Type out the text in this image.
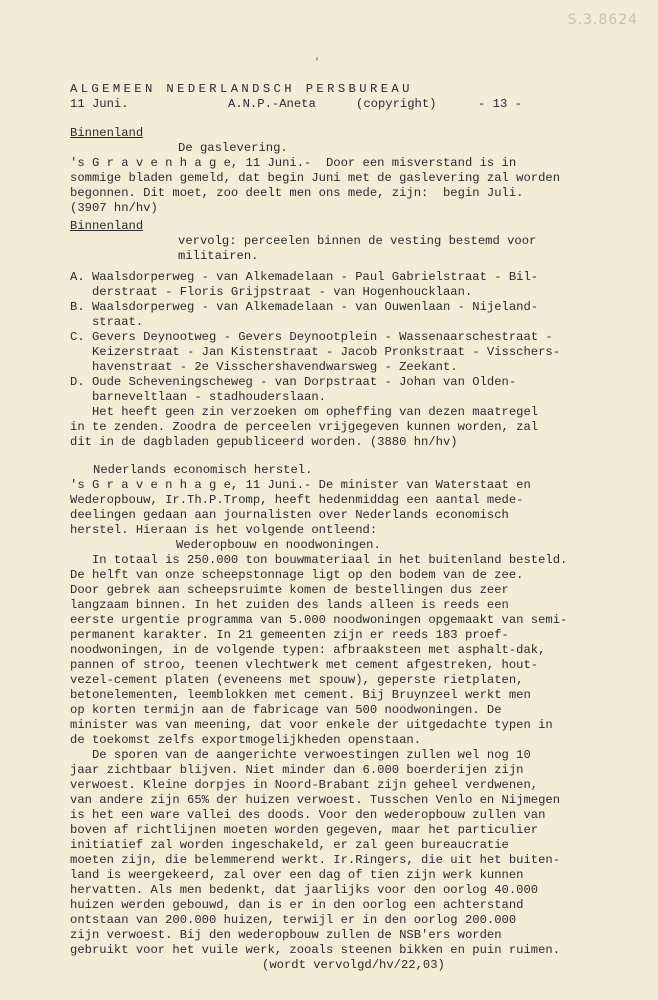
S.3.8624
'
ALGEMEEN NEDERLANDSCH PERSBUREAU
11 Juni.	A.N.P.-Aneta	(copyright)	- 13 -
Binnenland
De gaslevering.
's G r a v e n h a g e, 11 Juni.-  Door een misverstand is in
sommige bladen gemeld, dat begin Juni met de gaslevering zal worden
begonnen. Dit moet, zoo deelt men ons mede, zijn:  begin Juli.
(3907 hn/hv)
Binnenland
vervolg: perceelen binnen de vesting bestemd voor
militairen.
A. Waalsdorperweg - van Alkemadelaan - Paul Gabrielstraat - Bil-
derstraat - Floris Grijpstraat - van Hogenhoucklaan.
B. Waalsdorperweg - van Alkemadelaan - van Ouwenlaan - Nijeland-
straat.
C. Gevers Deynootweg - Gevers Deynootplein - Wassenaarschestraat -
Keizerstraat - Jan Kistenstraat - Jacob Pronkstraat - Visschers-
havenstraat - 2e Visschershavendwarsweg - Zeekant.
D. Oude Scheveningscheweg - van Dorpstraat - Johan van Olden-
barneveltlaan - stadhouderslaan.
Het heeft geen zin verzoeken om opheffing van dezen maatregel
in te zenden. Zoodra de perceelen vrijgegeven kunnen worden, zal
dit in de dagbladen gepubliceerd worden. (3880 hn/hv)
Nederlands economisch herstel.
's G r a v e n h a g e, 11 Juni.- De minister van Waterstaat en
Wederopbouw, Ir.Th.P.Tromp, heeft hedenmiddag een aantal mede-
deelingen gedaan aan journalisten over Nederlands economisch
herstel. Hieraan is het volgende ontleend:
Wederopbouw en noodwoningen.
In totaal is 250.000 ton bouwmateriaal in het buitenland besteld.
De helft van onze scheepstonnage ligt op den bodem van de zee.
Door gebrek aan scheepsruimte komen de bestellingen dus zeer
langzaam binnen. In het zuiden des lands alleen is reeds een
eerste urgentie programma van 5.000 noodwoningen opgemaakt van semi-
permanent karakter. In 21 gemeenten zijn er reeds 183 proef-
noodwoningen, in de volgende typen: afbraaksteen met asphalt-dak,
pannen of stroo, teenen vlechtwerk met cement afgestreken, hout-
vezel-cement platen (eveneens met spouw), geperste rietplaten,
betonelementen, leemblokken met cement. Bij Bruynzeel werkt men
op korten termijn aan de fabricage van 500 noodwoningen. De
minister was van meening, dat voor enkele der uitgedachte typen in
de toekomst zelfs exportmogelijkheden openstaan.
De sporen van de aangerichte verwoestingen zullen wel nog 10
jaar zichtbaar blijven. Niet minder dan 6.000 boerderijen zijn
verwoest. Kleine dorpjes in Noord-Brabant zijn geheel verdwenen,
van andere zijn 65% der huizen verwoest. Tusschen Venlo en Nijmegen
is het een ware vallei des doods. Voor den wederopbouw zullen van
boven af richtlijnen moeten worden gegeven, maar het particulier
initiatief zal worden ingeschakeld, er zal geen bureaucratie
moeten zijn, die belemmerend werkt. Ir.Ringers, die uit het buiten-
land is weergekeerd, zal over een dag of tien zijn werk kunnen
hervatten. Als men bedenkt, dat jaarlijks voor den oorlog 40.000
huizen werden gebouwd, dan is er in den oorlog een achterstand
ontstaan van 200.000 huizen, terwijl er in den oorlog 200.000
zijn verwoest. Bij den wederopbouw zullen de NSB'ers worden
gebruikt voor het vuile werk, zooals steenen bikken en puin ruimen.
(wordt vervolgd/hv/22,03)
